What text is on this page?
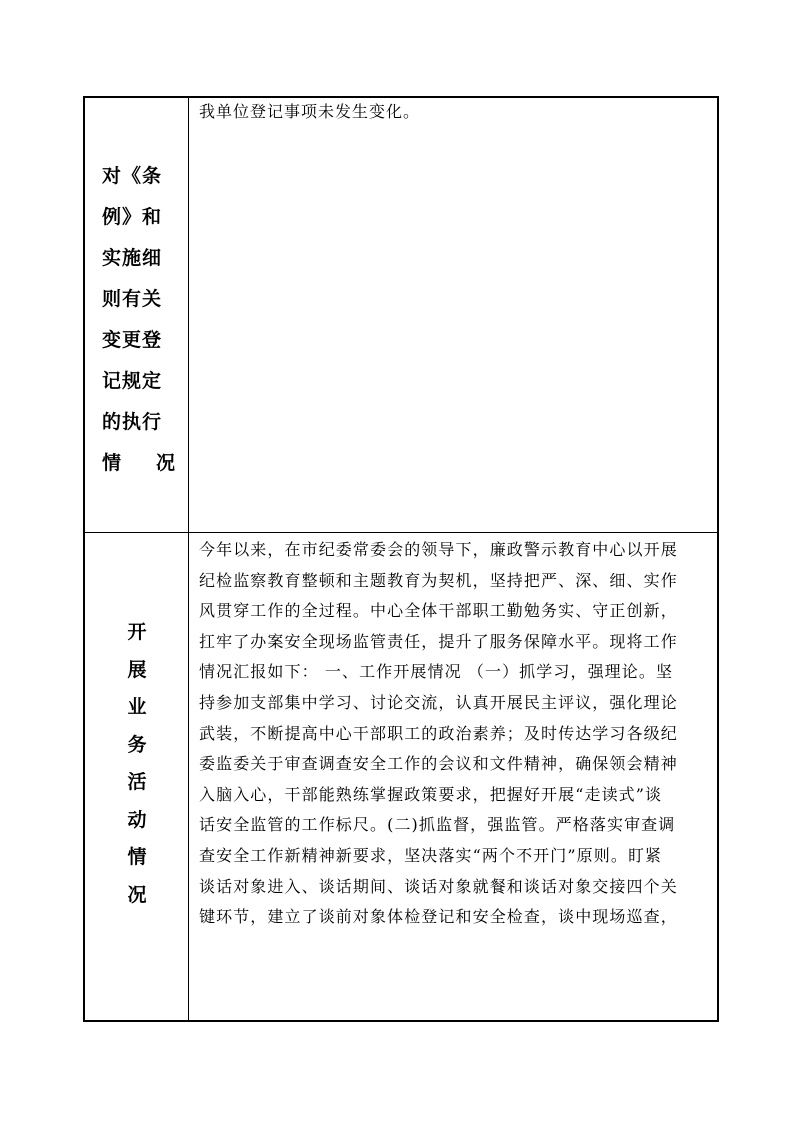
对《条
例》和
实施细
则有关
变更登
记规定
的执行
情 况
我单位登记事项未发生变化。
开
展
业
务
活
动
情
况
今年以来，在市纪委常委会的领导下，廉政警示教育中心以开展
纪检监察教育整顿和主题教育为契机，坚持把严、深、细、实作
风贯穿工作的全过程。中心全体干部职工勤勉务实、守正创新，
扛牢了办案安全现场监管责任，提升了服务保障水平。现将工作
情况汇报如下： 一、工作开展情况 （一）抓学习，强理论。坚
持参加支部集中学习、讨论交流，认真开展民主评议，强化理论
武装，不断提高中心干部职工的政治素养；及时传达学习各级纪
委监委关于审查调查安全工作的会议和文件精神，确保领会精神
入脑入心，干部能熟练掌握政策要求，把握好开展“走读式”谈
话安全监管的工作标尺。(二)抓监督，强监管。严格落实审查调
查安全工作新精神新要求，坚决落实“两个不开门”原则。盯紧
谈话对象进入、谈话期间、谈话对象就餐和谈话对象交接四个关
键环节，建立了谈前对象体检登记和安全检查，谈中现场巡查，
